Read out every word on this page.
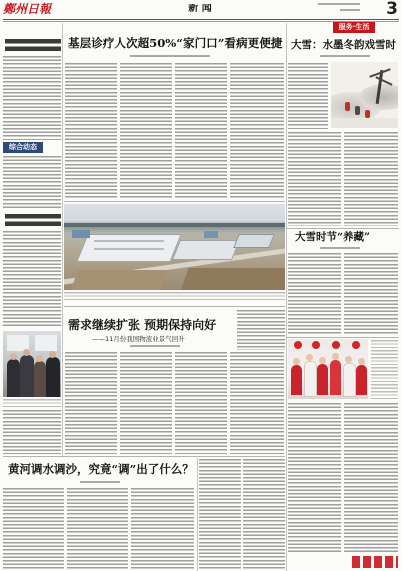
鄭州日報	新 闻	3
综合动态
基层诊疗人次超50%“家门口”看病更便捷
需求继续扩张 预期保持向好
——11月份我国物流业景气回升
服务·生活
大雪：水墨冬韵戏雪时
大雪时节“养藏”
黄河调水调沙，究竟“调”出了什么？
